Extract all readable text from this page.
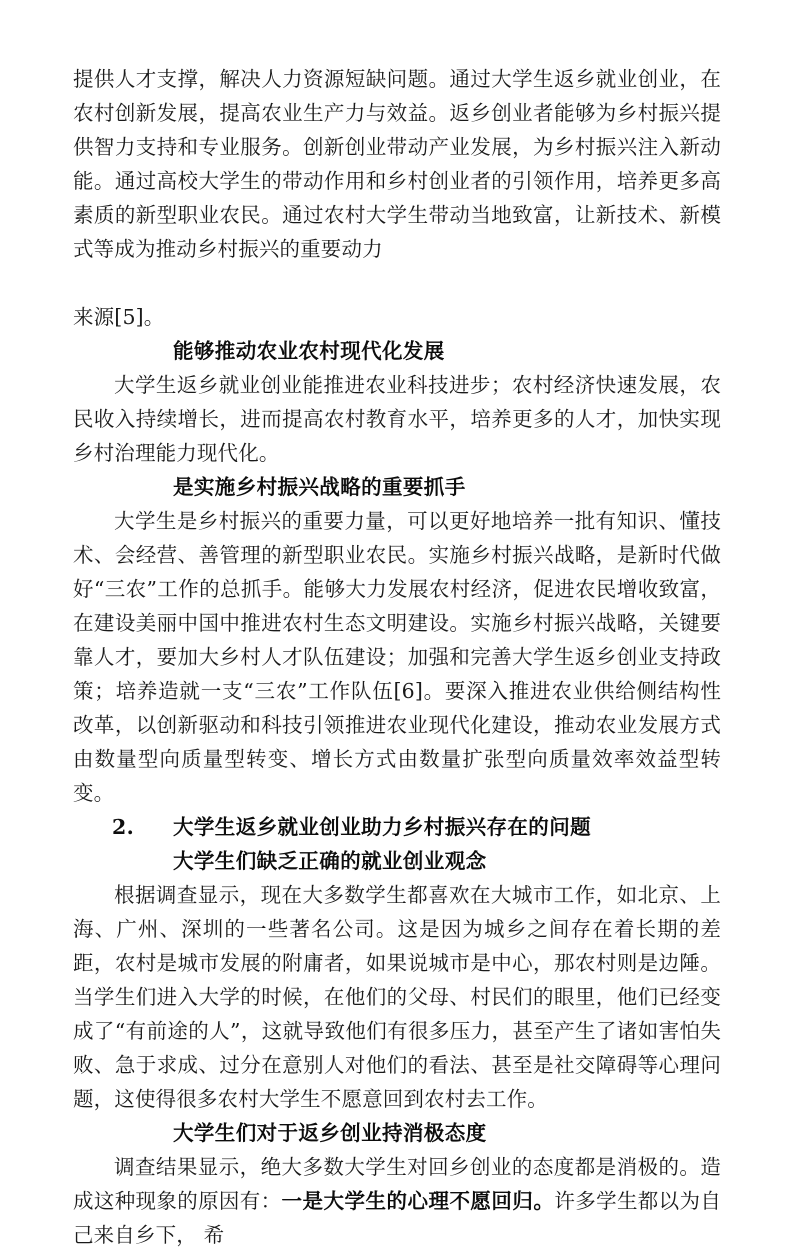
提供人才支撑，解决人力资源短缺问题。通过大学生返乡就业创业，在农村创新发展，提高农业生产力与效益。返乡创业者能够为乡村振兴提供智力支持和专业服务。创新创业带动产业发展，为乡村振兴注入新动能。通过高校大学生的带动作用和乡村创业者的引领作用，培养更多高素质的新型职业农民。通过农村大学生带动当地致富，让新技术、新模式等成为推动乡村振兴的重要动力

来源[5]。

能够推动农业农村现代化发展

大学生返乡就业创业能推进农业科技进步；农村经济快速发展，农民收入持续增长，进而提高农村教育水平，培养更多的人才，加快实现乡村治理能力现代化。

是实施乡村振兴战略的重要抓手

大学生是乡村振兴的重要力量，可以更好地培养一批有知识、懂技术、会经营、善管理的新型职业农民。实施乡村振兴战略，是新时代做好“三农”工作的总抓手。能够大力发展农村经济，促进农民增收致富，在建设美丽中国中推进农村生态文明建设。实施乡村振兴战略，关键要靠人才，要加大乡村人才队伍建设；加强和完善大学生返乡创业支持政策；培养造就一支“三农”工作队伍[6]。要深入推进农业供给侧结构性改革，以创新驱动和科技引领推进农业现代化建设，推动农业发展方式由数量型向质量型转变、增长方式由数量扩张型向质量效率效益型转变。

2. 大学生返乡就业创业助力乡村振兴存在的问题

大学生们缺乏正确的就业创业观念

根据调查显示，现在大多数学生都喜欢在大城市工作，如北京、上海、广州、深圳的一些著名公司。这是因为城乡之间存在着长期的差距，农村是城市发展的附庸者，如果说城市是中心，那农村则是边陲。当学生们进入大学的时候，在他们的父母、村民们的眼里，他们已经变成了“有前途的人”，这就导致他们有很多压力，甚至产生了诸如害怕失败、急于求成、过分在意别人对他们的看法、甚至是社交障碍等心理问题，这使得很多农村大学生不愿意回到农村去工作。

大学生们对于返乡创业持消极态度

调查结果显示，绝大多数大学生对回乡创业的态度都是消极的。造成这种现象的原因有：一是大学生的心理不愿回归。许多学生都以为自己来自乡下， 希
